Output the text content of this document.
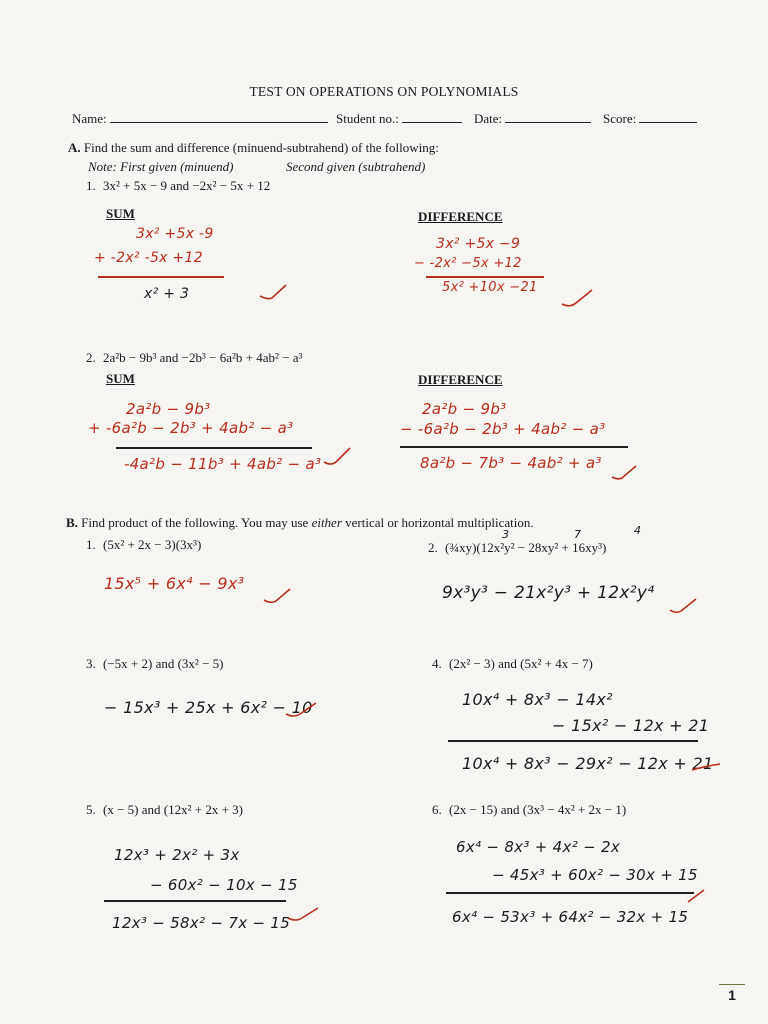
TEST ON OPERATIONS ON POLYNOMIALS
Name:	Student no.:	Date:	Score:
A. Find the sum and difference (minuend-subtrahend) of the following:
Note: First given (minuend)	Second given (subtrahend)
1. 3x² + 5x − 9 and −2x² − 5x + 12
SUM	DIFFERENCE
3x² +5x -9
+ -2x² -5x +12
x² + 3
3x² +5x −9
− -2x² −5x +12
5x² +10x −21
2. 2a²b − 9b³ and −2b³ − 6a²b + 4ab² − a³
SUM	DIFFERENCE
2a²b − 9b³
+ -6a²b − 2b³ + 4ab² − a³
-4a²b − 11b³ + 4ab² − a³
2a²b − 9b³
− -6a²b − 2b³ + 4ab² − a³
8a²b − 7b³ − 4ab² + a³
B. Find product of the following. You may use either vertical or horizontal multiplication.
1. (5x² + 2x − 3)(3x³)
15x⁵ + 6x⁴ − 9x³
2. (¾xy)(12x²y² − 28xy² + 16xy³)
3	7	4
9x³y³ − 21x²y³ + 12x²y⁴
3. (−5x + 2) and (3x² − 5)
− 15x³ + 25x + 6x² − 10
4. (2x² − 3) and (5x² + 4x − 7)
10x⁴ + 8x³ − 14x²
− 15x² − 12x + 21
10x⁴ + 8x³ − 29x² − 12x + 21
5. (x − 5) and (12x² + 2x + 3)
12x³ + 2x² + 3x
− 60x² − 10x − 15
12x³ − 58x² − 7x − 15
6. (2x − 15) and (3x³ − 4x² + 2x − 1)
6x⁴ − 8x³ + 4x² − 2x
− 45x³ + 60x² − 30x + 15
6x⁴ − 53x³ + 64x² − 32x + 15
1
